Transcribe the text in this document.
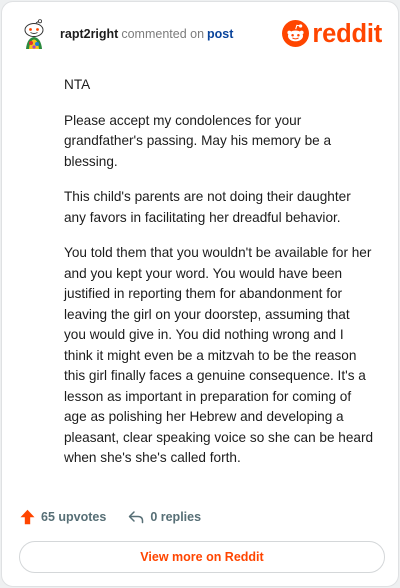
rapt2right commented on post	reddit

NTA

Please accept my condolences for your grandfather's passing. May his memory be a blessing.

This child's parents are not doing their daughter any favors in facilitating her dreadful behavior.

You told them that you wouldn't be available for her and you kept your word. You would have been justified in reporting them for abandonment for leaving the girl on your doorstep, assuming that you would give in. You did nothing wrong and I think it might even be a mitzvah to be the reason this girl finally faces a genuine consequence. It's a lesson as important in preparation for coming of age as polishing her Hebrew and developing a pleasant, clear speaking voice so she can be heard when she's she's called forth.

65 upvotes	0 replies
View more on Reddit
